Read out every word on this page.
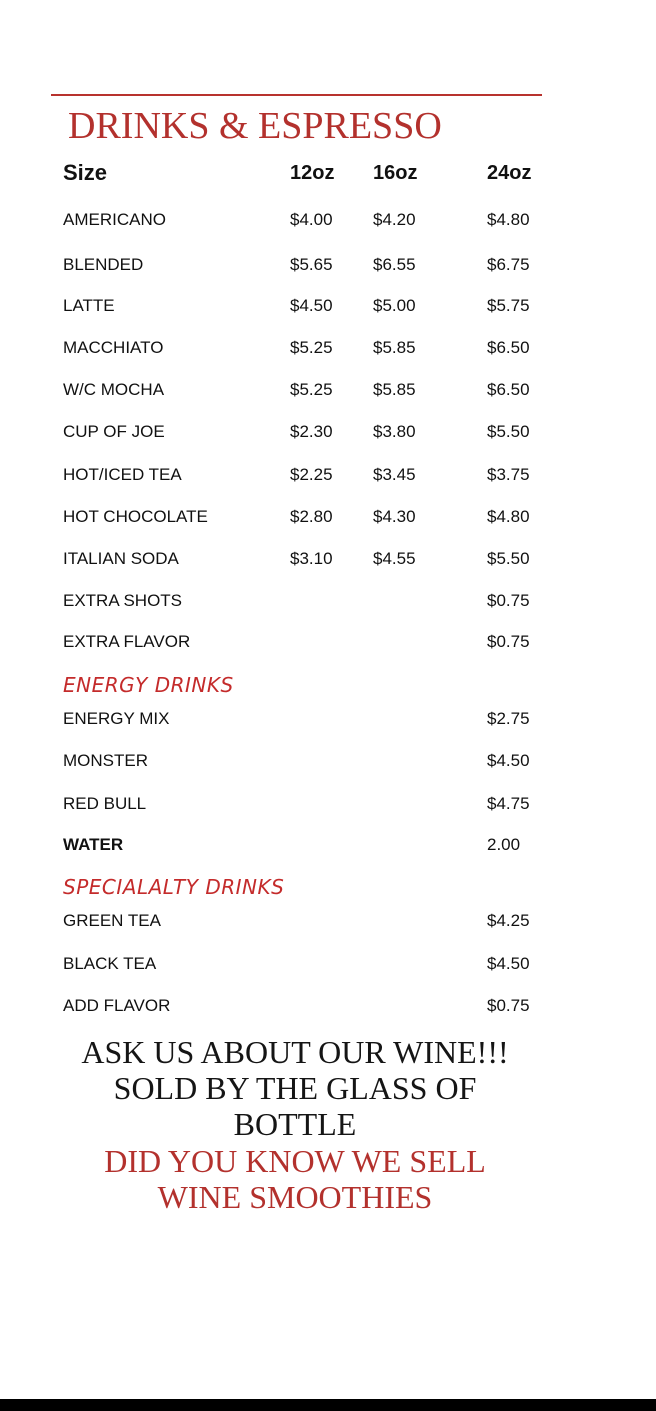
DRINKS & ESPRESSO
Size	12oz 16oz	24oz
AMERICANO	$4.00 $4.20	$4.80
BLENDED	$5.65 $6.55	$6.75
LATTE	$4.50 $5.00	$5.75
MACCHIATO	$5.25 $5.85	$6.50
W/C MOCHA	$5.25 $5.85	$6.50
CUP OF JOE	$2.30 $3.80	$5.50
HOT/ICED TEA	$2.25 $3.45	$3.75
HOT CHOCOLATE	$2.80 $4.30	$4.80
ITALIAN SODA	$3.10 $4.55	$5.50
EXTRA SHOTS	$0.75
EXTRA FLAVOR	$0.75
ENERGY DRINKS
ENERGY MIX	$2.75
MONSTER	$4.50
RED BULL	$4.75
WATER	2.00
SPECIALALTY DRINKS
GREEN TEA	$4.25
BLACK TEA	$4.50
ADD FLAVOR	$0.75
ASK US ABOUT OUR WINE!!!
SOLD BY THE GLASS OF
BOTTLE
DID YOU KNOW WE SELL
WINE SMOOTHIES
